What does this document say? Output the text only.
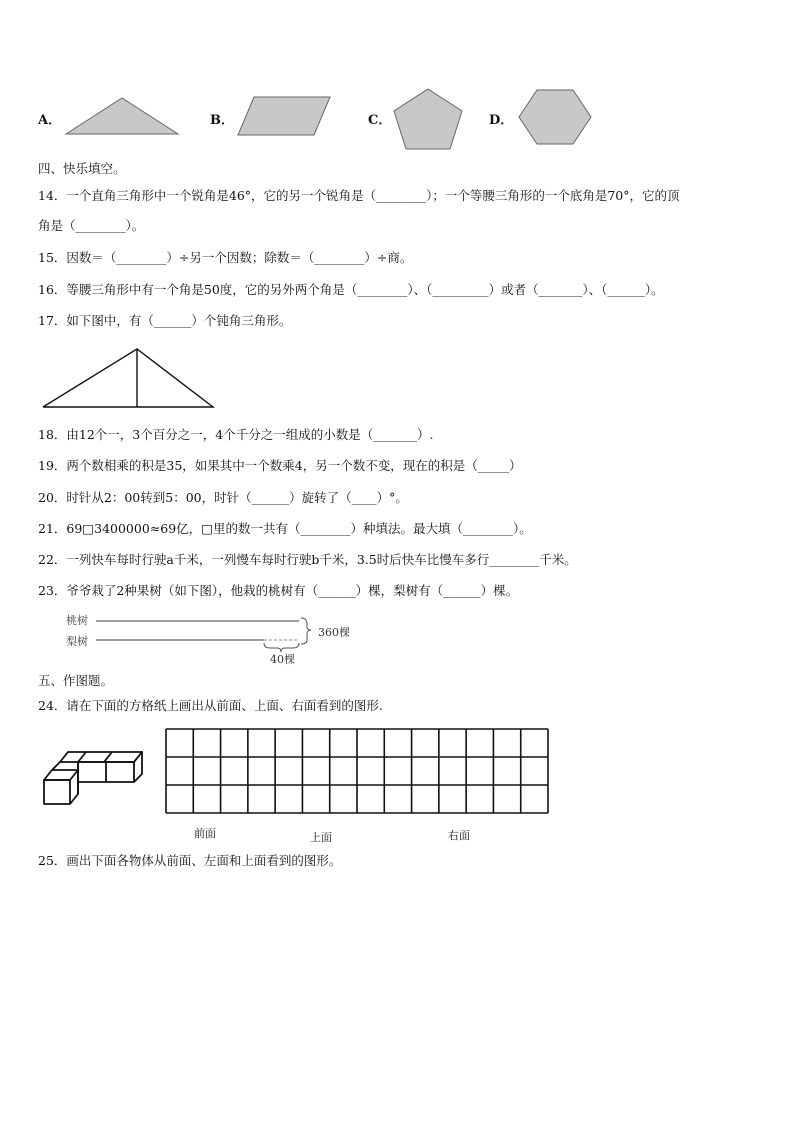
A．	B．	C．	D．
四、快乐填空。
14．一个直角三角形中一个锐角是46°，它的另一个锐角是（________）；一个等腰三角形的一个底角是70°，它的顶
角是（________）。
15．因数＝（________）÷另一个因数；除数＝（________）÷商。
16．等腰三角形中有一个角是50度，它的另外两个角是（________）、（_________）或者（_______）、（______）。
17．如下图中，有（______）个钝角三角形。
18．由12个一，3个百分之一，4个千分之一组成的小数是（_______）.
19．两个数相乘的积是35，如果其中一个数乘4，另一个数不变，现在的积是（_____）
20．时针从2：00转到5：00，时针（______）旋转了（____）°。
21．69□3400000≈69亿，□里的数一共有（________）种填法。最大填（________）。
22．一列快车每时行驶a千米，一列慢车每时行驶b千米，3.5时后快车比慢车多行________千米。
23．爷爷栽了2种果树（如下图），他栽的桃树有（______）棵，梨树有（______）棵。
桃树
梨树
360棵
40棵
五、作图题。
24．请在下面的方格纸上画出从前面、上面、右面看到的图形.
前面	上面	右面
25．画出下面各物体从前面、左面和上面看到的图形。
